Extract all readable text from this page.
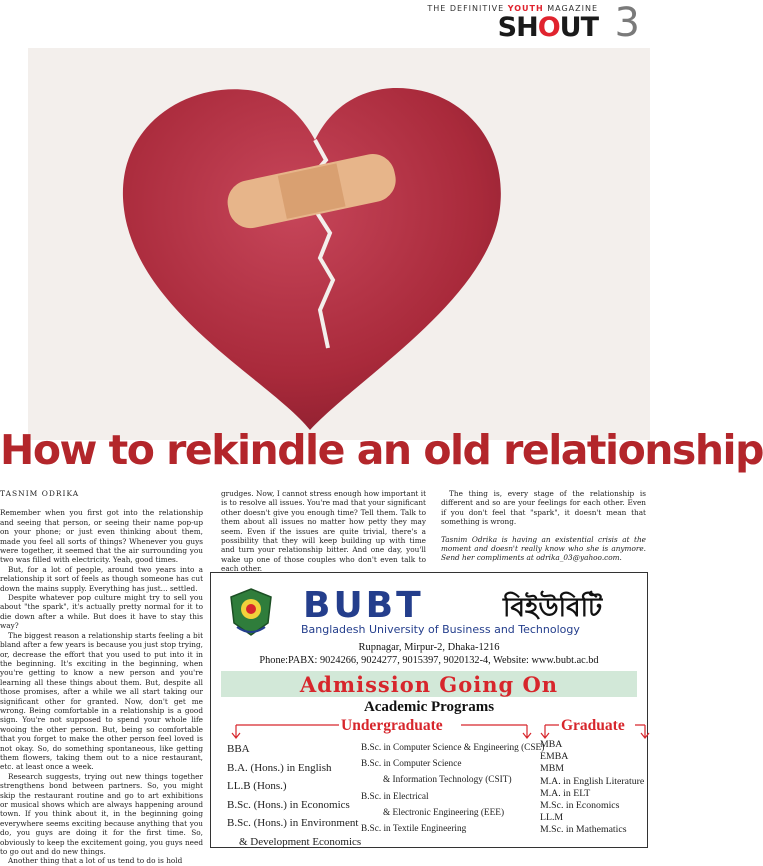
THE DEFINITIVE YOUTH MAGAZINE
SHOUT 3
How to rekindle an old relationship
TASNIM ODRIKA

Remember when you first got into the relationship and seeing that person, or seeing their name pop-up on your phone; or just even thinking about them, made you feel all sorts of things? Whenever you guys were together, it seemed that the air surrounding you two was filled with electricity. Yeah, good times.

But, for a lot of people, around two years into a relationship it sort of feels as though someone has cut down the mains supply. Everything has just... settled.

Despite whatever pop culture might try to sell you about "the spark", it's actually pretty normal for it to die down after a while. But does it have to stay this way?

The biggest reason a relationship starts feeling a bit bland after a few years is because you just stop trying, or, decrease the effort that you used to put into it in the beginning. It's exciting in the beginning, when you're getting to know a new person and you're learning all these things about them. But, despite all those promises, after a while we all start taking our significant other for granted. Now, don't get me wrong. Being comfortable in a relationship is a good sign. You're not supposed to spend your whole life wooing the other person. But, being so comfortable that you forget to make the other person feel loved is not okay. So, do something spontaneous, like getting them flowers, taking them out to a nice restaurant, etc. at least once a week.

Research suggests, trying out new things together strengthens bond between partners. So, you might skip the restaurant routine and go to art exhibitions or musical shows which are always happening around town. If you think about it, in the beginning going everywhere seems exciting because anything that you do, you guys are doing it for the first time. So, obviously to keep the excitement going, you guys need to go out and do new things.

Another thing that a lot of us tend to do is hold

grudges. Now, I cannot stress enough how important it is to resolve all issues. You're mad that your significant other doesn't give you enough time? Tell them. Talk to them about all issues no matter how petty they may seem. Even if the issues are quite trivial, there's a possibility that they will keep building up with time and turn your relationship bitter. And one day, you'll wake up one of those couples who don't even talk to each other.

The thing is, every stage of the relationship is different and so are your feelings for each other. Even if you don't feel that "spark", it doesn't mean that something is wrong.

Tasnim Odrika is having an existential crisis at the moment and doesn't really know who she is anymore. Send her compliments at odrika_03@yahoo.com.

BUBT	বিইউবিটি
Bangladesh University of Business and Technology
Rupnagar, Mirpur-2, Dhaka-1216
Phone:PABX: 9024266, 9024277, 9015397, 9020132-4, Website: www.bubt.ac.bd
Admission Going On
Academic Programs
Undergraduate	Graduate
BBA
B.A. (Hons.) in English
LL.B (Hons.)
B.Sc. (Hons.) in Economics
B.Sc. (Hons.) in Environment
& Development Economics
B.Sc. in Computer Science & Engineering (CSE)
B.Sc. in Computer Science
& Information Technology (CSIT)
B.Sc. in Electrical
& Electronic Engineering (EEE)
B.Sc. in Textile Engineering
MBA
EMBA
MBM
M.A. in English Literature
M.A. in ELT
M.Sc. in Economics
LL.M
M.Sc. in Mathematics
